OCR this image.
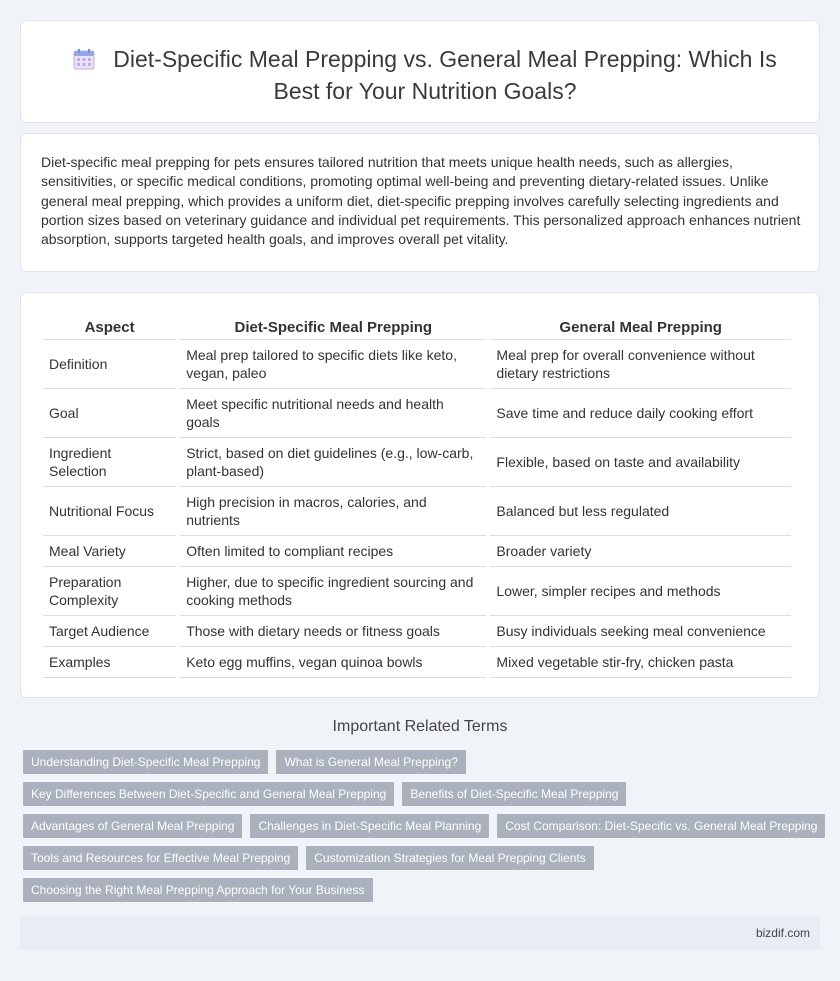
Diet-Specific Meal Prepping vs. General Meal Prepping: Which Is Best for Your Nutrition Goals?

Diet-specific meal prepping for pets ensures tailored nutrition that meets unique health needs, such as allergies, sensitivities, or specific medical conditions, promoting optimal well-being and preventing dietary-related issues. Unlike general meal prepping, which provides a uniform diet, diet-specific prepping involves carefully selecting ingredients and portion sizes based on veterinary guidance and individual pet requirements. This personalized approach enhances nutrient absorption, supports targeted health goals, and improves overall pet vitality.

Aspect	Diet-Specific Meal Prepping	General Meal Prepping
Definition	Meal prep tailored to specific diets like keto, vegan, paleo	Meal prep for overall convenience without dietary restrictions
Goal	Meet specific nutritional needs and health goals	Save time and reduce daily cooking effort
Ingredient Selection	Strict, based on diet guidelines (e.g., low-carb, plant-based)	Flexible, based on taste and availability
Nutritional Focus	High precision in macros, calories, and nutrients	Balanced but less regulated
Meal Variety	Often limited to compliant recipes	Broader variety
Preparation Complexity	Higher, due to specific ingredient sourcing and cooking methods	Lower, simpler recipes and methods
Target Audience	Those with dietary needs or fitness goals	Busy individuals seeking meal convenience
Examples	Keto egg muffins, vegan quinoa bowls	Mixed vegetable stir-fry, chicken pasta
Important Related Terms
Understanding Diet-Specific Meal Prepping	What is General Meal Prepping?
Key Differences Between Diet-Specific and General Meal Prepping	Benefits of Diet-Specific Meal Prepping
Advantages of General Meal Prepping	Challenges in Diet-Specific Meal Planning	Cost Comparison: Diet-Specific vs. General Meal Prepping
Tools and Resources for Effective Meal Prepping	Customization Strategies for Meal Prepping Clients
Choosing the Right Meal Prepping Approach for Your Business
bizdif.com
